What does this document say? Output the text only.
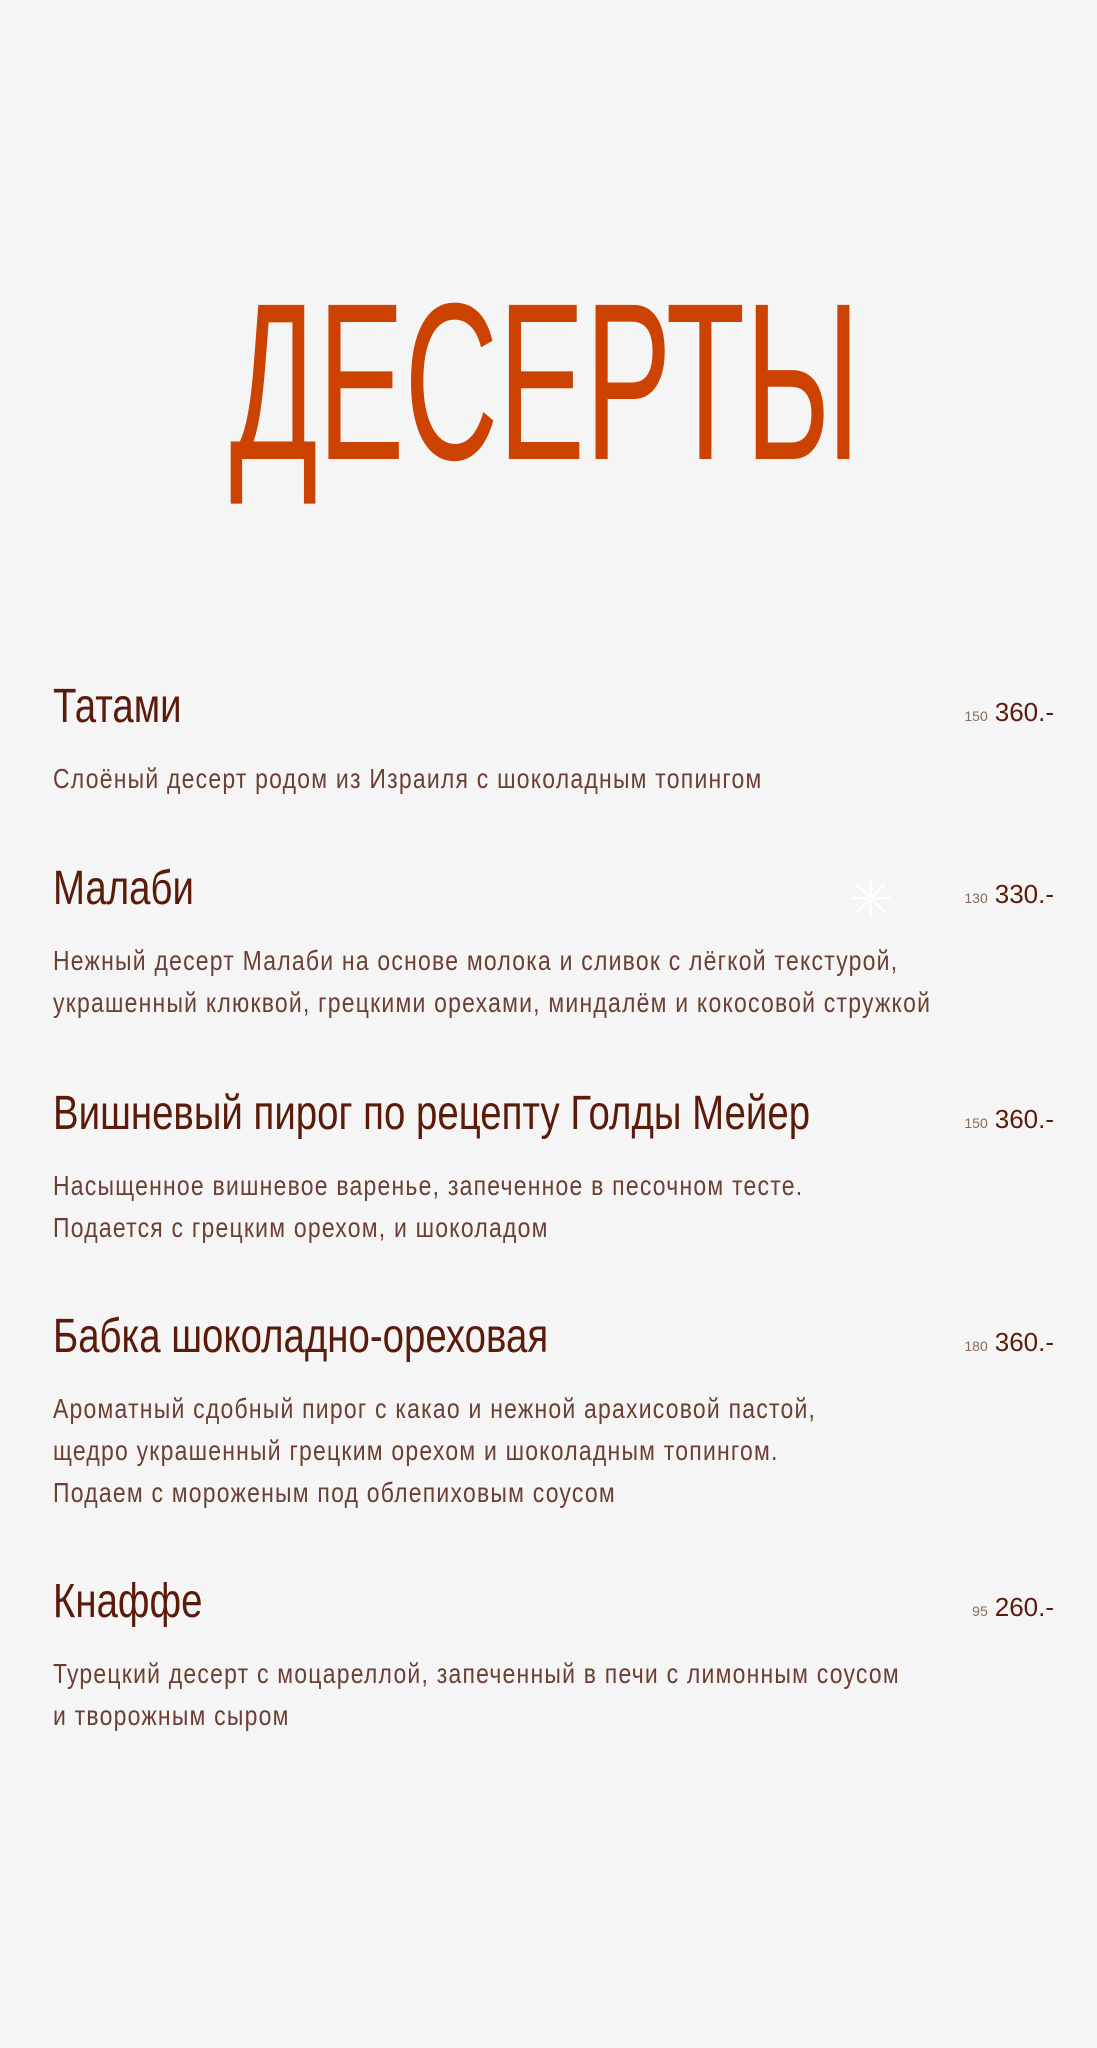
ДЕСЕРТЫ
✳
Татами	150 360.-
Слоёный десерт родом из Израиля с шоколадным топингом
Малаби	130 330.-
Нежный десерт Малаби на основе молока и сливок с лёгкой текстурой,
украшенный клюквой, грецкими орехами, миндалём и кокосовой стружкой
Вишневый пирог по рецепту Голды Мейер	150 360.-
Насыщенное вишневое варенье, запеченное в песочном тесте.
Подается с грецким орехом, и шоколадом
Бабка шоколадно-ореховая	180 360.-
Ароматный сдобный пирог с какао и нежной арахисовой пастой,
щедро украшенный грецким орехом и шоколадным топингом.
Подаем с мороженым под облепиховым соусом
Кнаффе	95 260.-
Турецкий десерт с моцареллой, запеченный в печи с лимонным соусом
и творожным сыром
